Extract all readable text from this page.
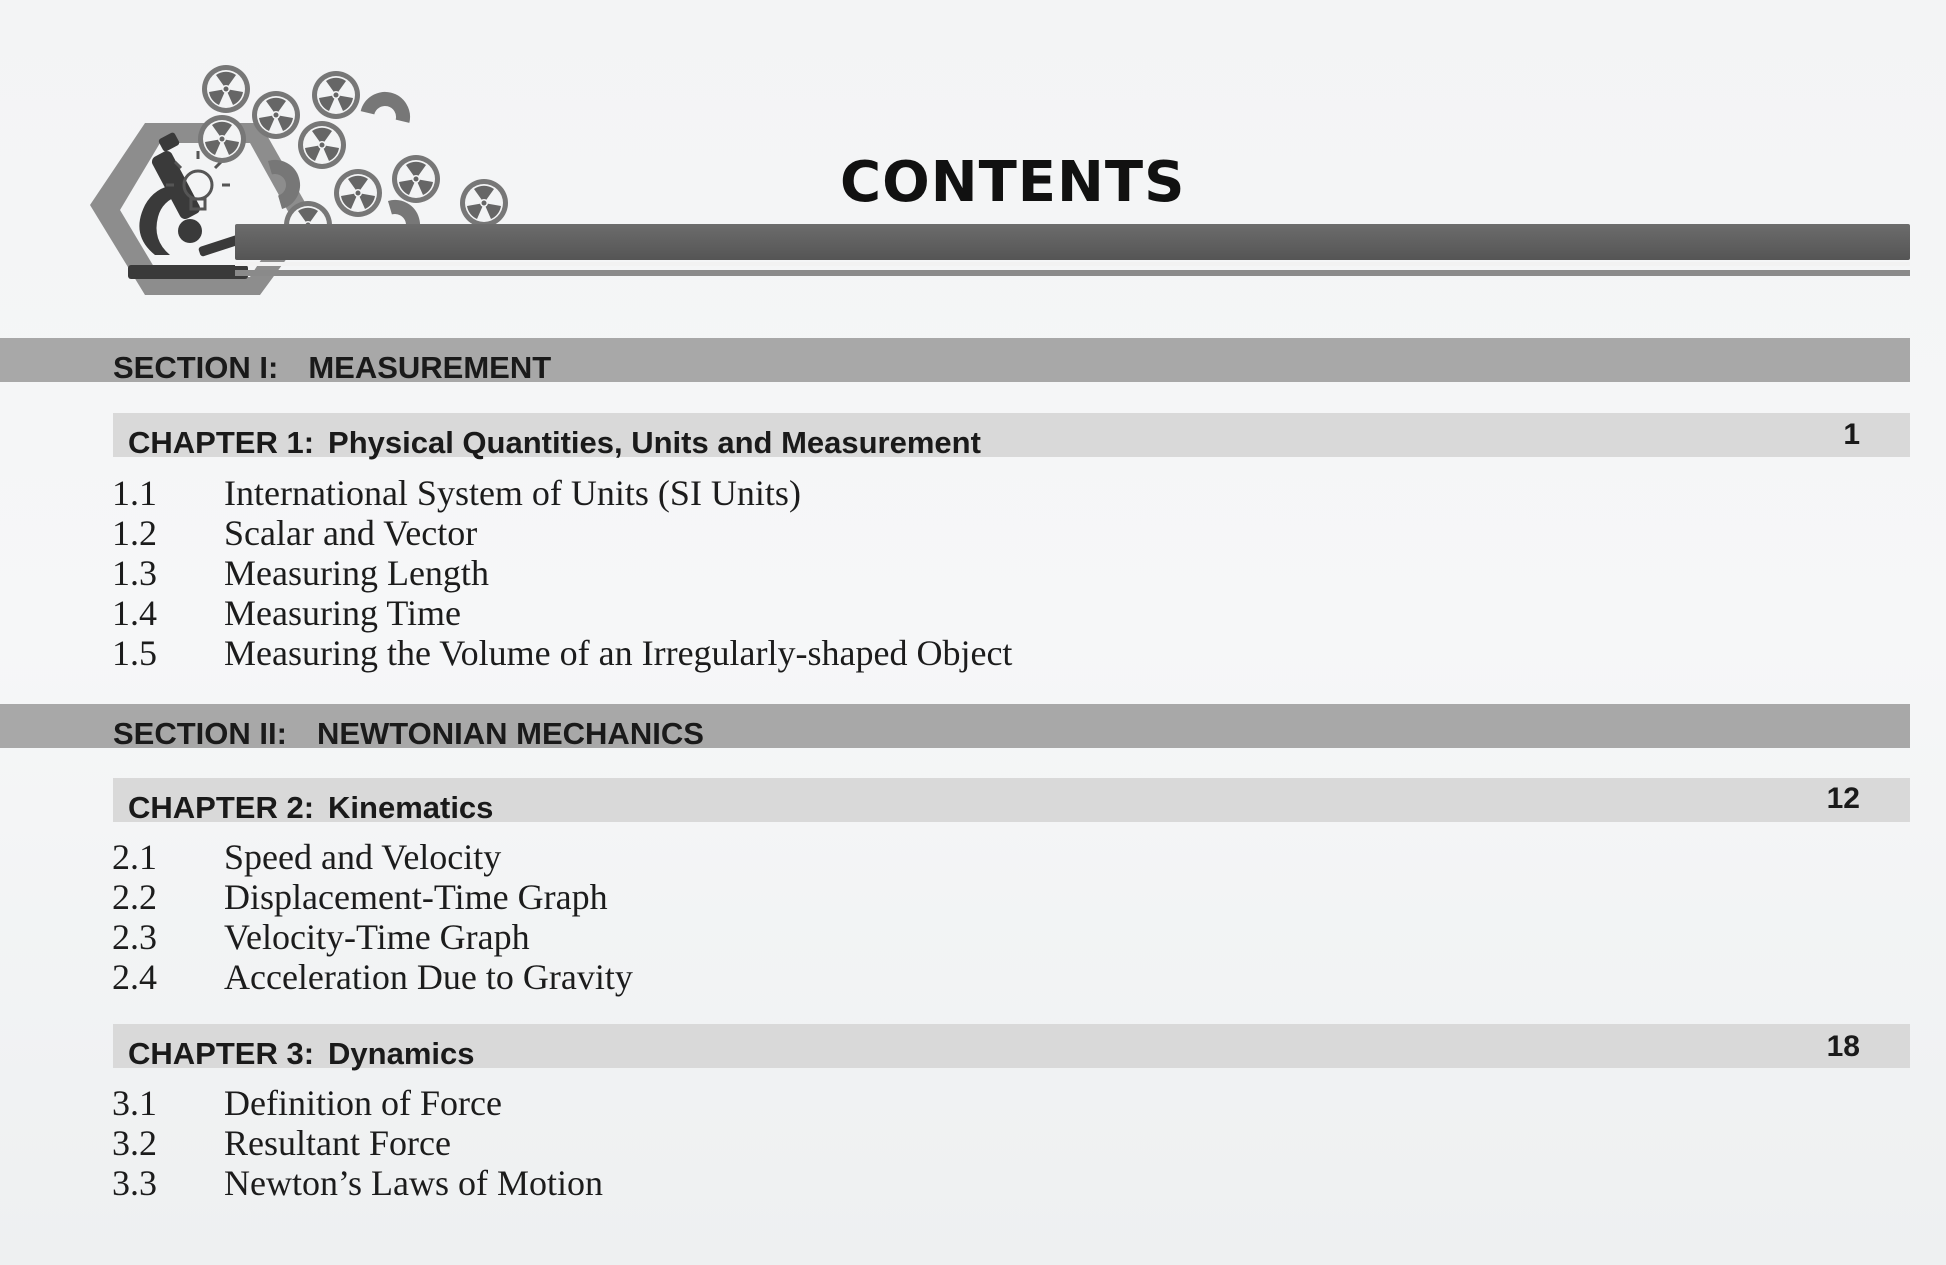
CONTENTS
SECTION I: MEASUREMENT
CHAPTER 1: Physical Quantities, Units and Measurement	1
1.1 International System of Units (SI Units)
1.2 Scalar and Vector
1.3 Measuring Length
1.4 Measuring Time
1.5 Measuring the Volume of an Irregularly-shaped Object
SECTION II: NEWTONIAN MECHANICS
CHAPTER 2: Kinematics	12
2.1 Speed and Velocity
2.2 Displacement-Time Graph
2.3 Velocity-Time Graph
2.4 Acceleration Due to Gravity
CHAPTER 3: Dynamics	18
3.1 Definition of Force
3.2 Resultant Force
3.3 Newton’s Laws of Motion
